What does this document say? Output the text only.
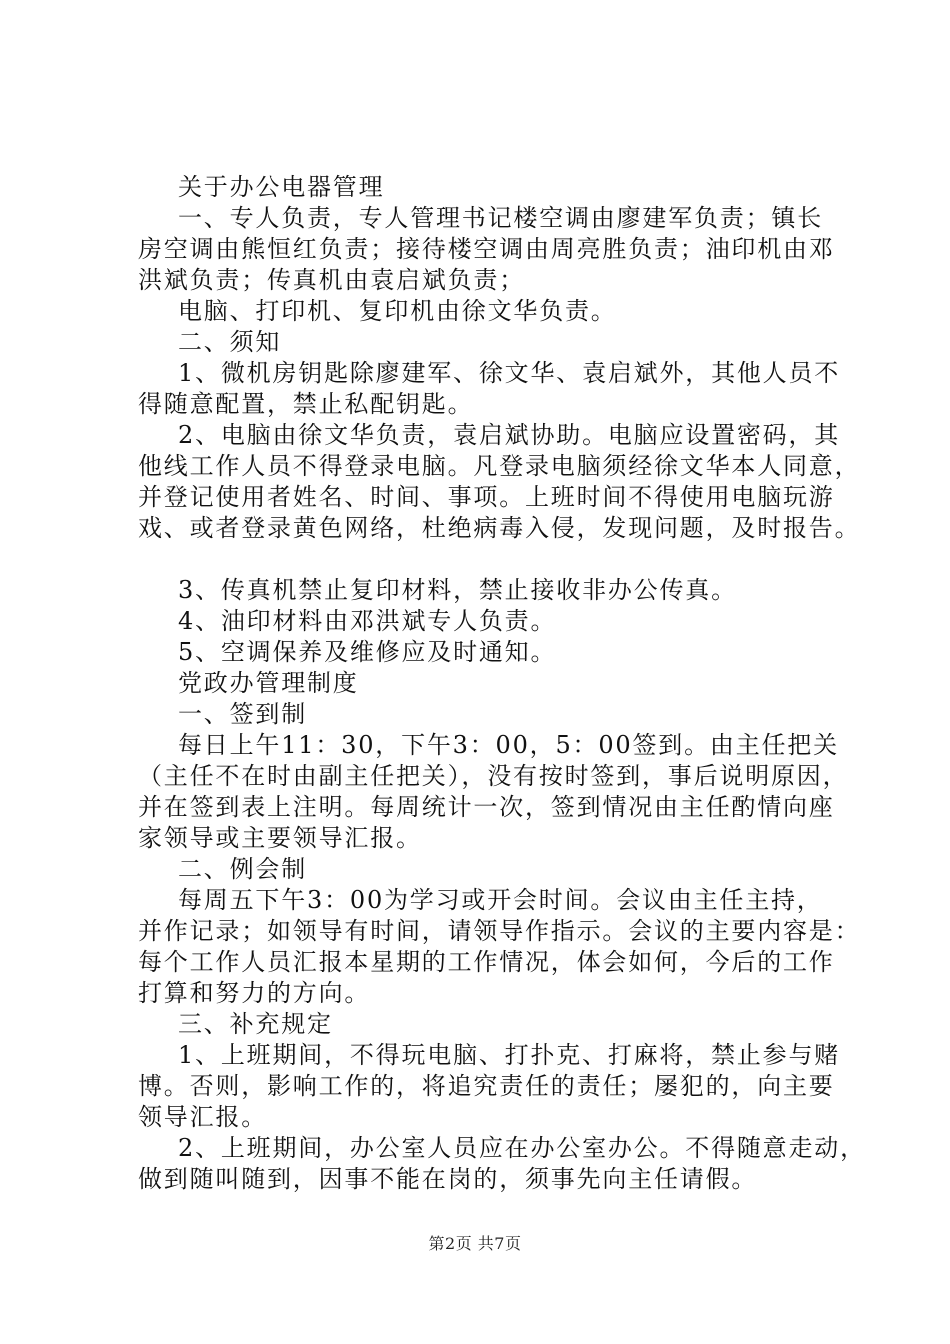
关于办公电器管理
一、专人负责，专人管理书记楼空调由廖建军负责；镇长
房空调由熊恒红负责；接待楼空调由周亮胜负责；油印机由邓
洪斌负责；传真机由袁启斌负责；
电脑、打印机、复印机由徐文华负责。
二、须知
1、微机房钥匙除廖建军、徐文华、袁启斌外，其他人员不
得随意配置，禁止私配钥匙。
2、电脑由徐文华负责，袁启斌协助。电脑应设置密码，其
他线工作人员不得登录电脑。凡登录电脑须经徐文华本人同意，
并登记使用者姓名、时间、事项。上班时间不得使用电脑玩游
戏、或者登录黄色网络，杜绝病毒入侵，发现问题，及时报告。
3、传真机禁止复印材料，禁止接收非办公传真。
4、油印材料由邓洪斌专人负责。
5、空调保养及维修应及时通知。
党政办管理制度
一、签到制
每日上午11：30，下午3：00，5：00签到。由主任把关
（主任不在时由副主任把关），没有按时签到，事后说明原因，
并在签到表上注明。每周统计一次，签到情况由主任酌情向座
家领导或主要领导汇报。
二、例会制
每周五下午3：00为学习或开会时间。会议由主任主持，
并作记录；如领导有时间，请领导作指示。会议的主要内容是：
每个工作人员汇报本星期的工作情况，体会如何，今后的工作
打算和努力的方向。
三、补充规定
1、上班期间，不得玩电脑、打扑克、打麻将，禁止参与赌
博。否则，影响工作的，将追究责任的责任；屡犯的，向主要
领导汇报。
2、上班期间，办公室人员应在办公室办公。不得随意走动，
做到随叫随到，因事不能在岗的，须事先向主任请假。
第2页 共7页
